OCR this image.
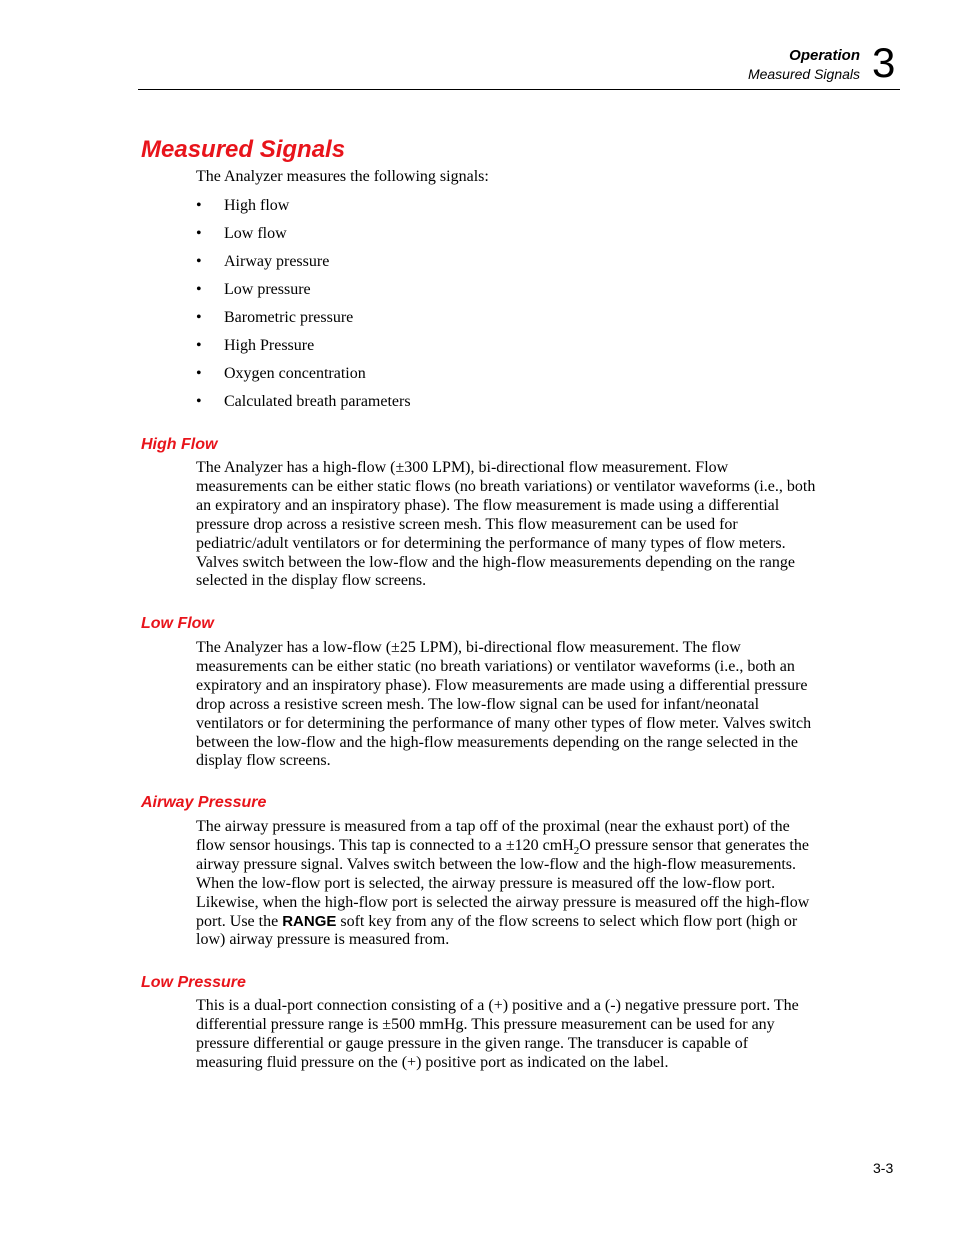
Operation
Measured Signals 3
Measured Signals

The Analyzer measures the following signals:

• High flow
• Low flow
• Airway pressure
• Low pressure
• Barometric pressure
• High Pressure
• Oxygen concentration
• Calculated breath parameters
High Flow

The Analyzer has a high-flow (±300 LPM), bi-directional flow measurement. Flow measurements can be either static flows (no breath variations) or ventilator waveforms (i.e., both an expiratory and an inspiratory phase). The flow measurement is made using a differential pressure drop across a resistive screen mesh. This flow measurement can be used for pediatric/adult ventilators or for determining the performance of many types of flow meters. Valves switch between the low-flow and the high-flow measurements depending on the range selected in the display flow screens.

Low Flow

The Analyzer has a low-flow (±25 LPM), bi-directional flow measurement. The flow measurements can be either static (no breath variations) or ventilator waveforms (i.e., both an expiratory and an inspiratory phase). Flow measurements are made using a differential pressure drop across a resistive screen mesh. The low-flow signal can be used for infant/neonatal ventilators or for determining the performance of many other types of flow meter. Valves switch between the low-flow and the high-flow measurements depending on the range selected in the display flow screens.

Airway Pressure

The airway pressure is measured from a tap off of the proximal (near the exhaust port) of the flow sensor housings. This tap is connected to a ±120 cmH$_2$O pressure sensor that generates the airway pressure signal. Valves switch between the low-flow and the high-flow measurements. When the low-flow port is selected, the airway pressure is measured off the low-flow port. Likewise, when the high-flow port is selected the airway pressure is measured off the high-flow port. Use the RANGE soft key from any of the flow screens to select which flow port (high or low) airway pressure is measured from.

Low Pressure

This is a dual-port connection consisting of a (+) positive and a (-) negative pressure port. The differential pressure range is ±500 mmHg. This pressure measurement can be used for any pressure differential or gauge pressure in the given range. The transducer is capable of measuring fluid pressure on the (+) positive port as indicated on the label.

3-3
